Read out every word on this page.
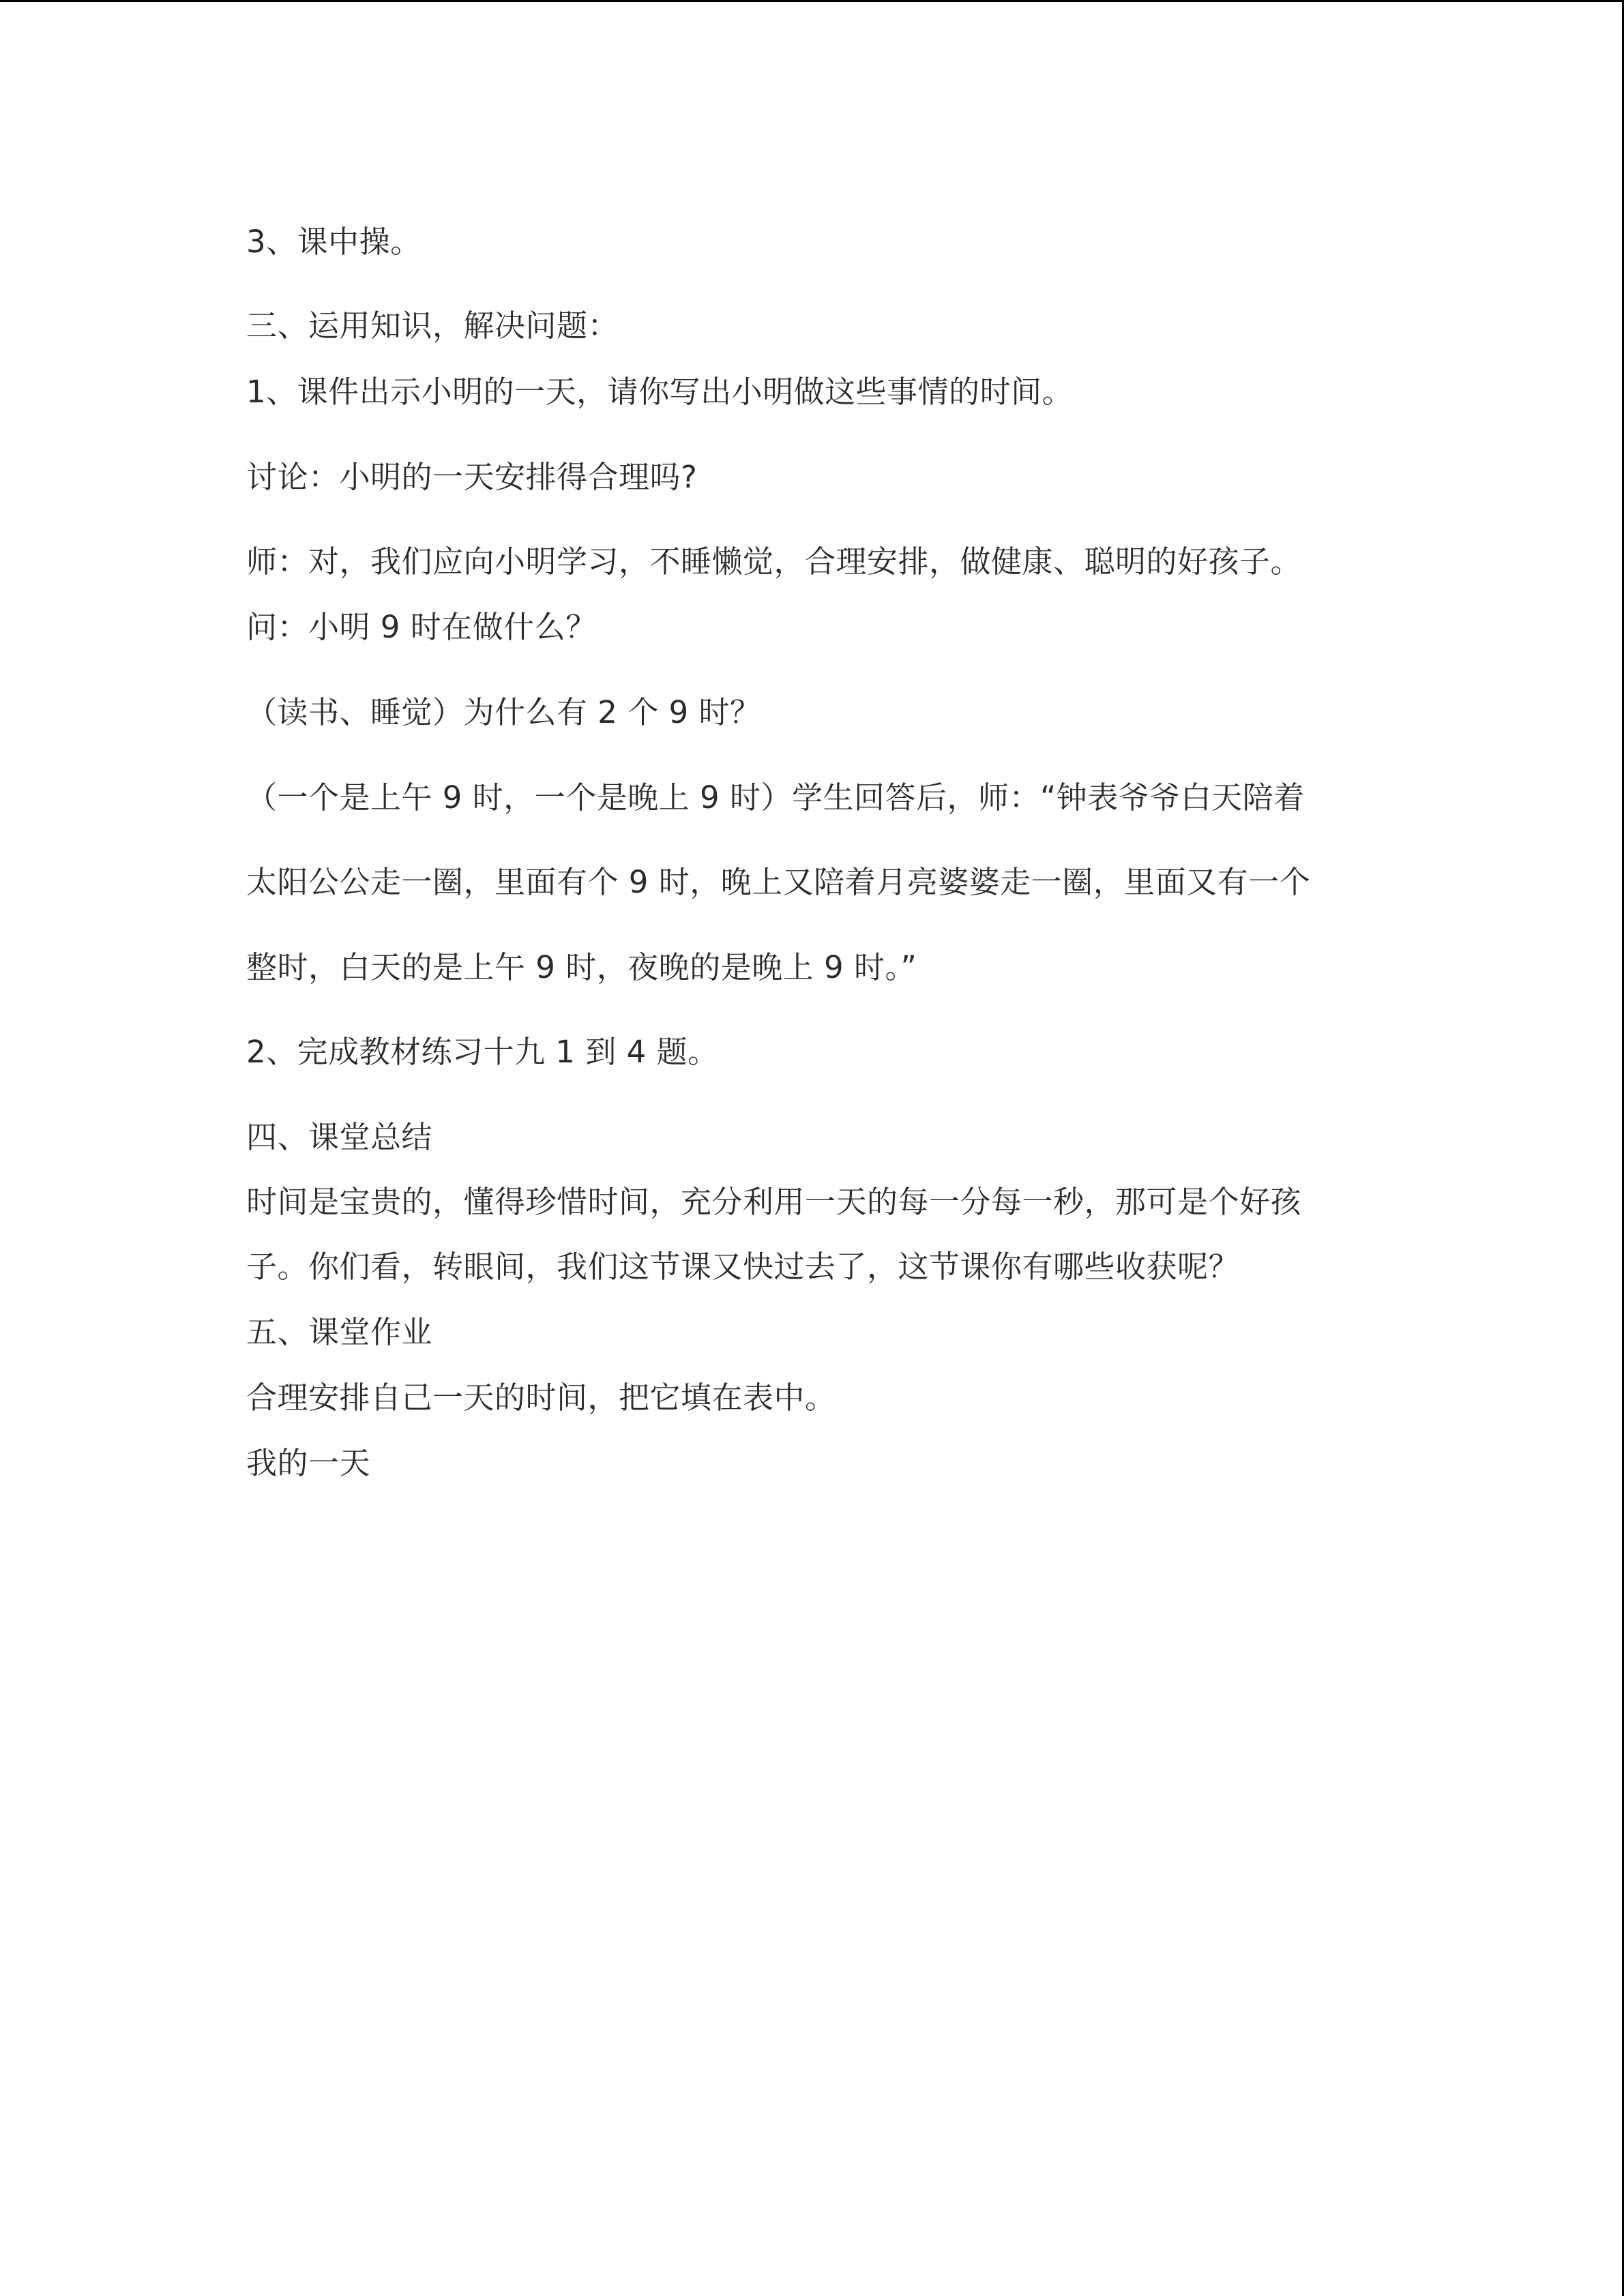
3、课中操。
三、运用知识，解决问题：
1、课件出示小明的一天，请你写出小明做这些事情的时间。
讨论：小明的一天安排得合理吗?
师：对，我们应向小明学习，不睡懒觉，合理安排，做健康、聪明的好孩子。
问：小明 9 时在做什么？
（读书、睡觉）为什么有 2 个 9 时？
（一个是上午 9 时，一个是晚上 9 时）学生回答后，师：“钟表爷爷白天陪着
太阳公公走一圈，里面有个 9 时，晚上又陪着月亮婆婆走一圈，里面又有一个
整时，白天的是上午 9 时，夜晚的是晚上 9 时。”
2、完成教材练习十九 1 到 4 题。
四、课堂总结
时间是宝贵的，懂得珍惜时间，充分利用一天的每一分每一秒，那可是个好孩
子。你们看，转眼间，我们这节课又快过去了，这节课你有哪些收获呢？
五、课堂作业
合理安排自己一天的时间，把它填在表中。
我的一天
